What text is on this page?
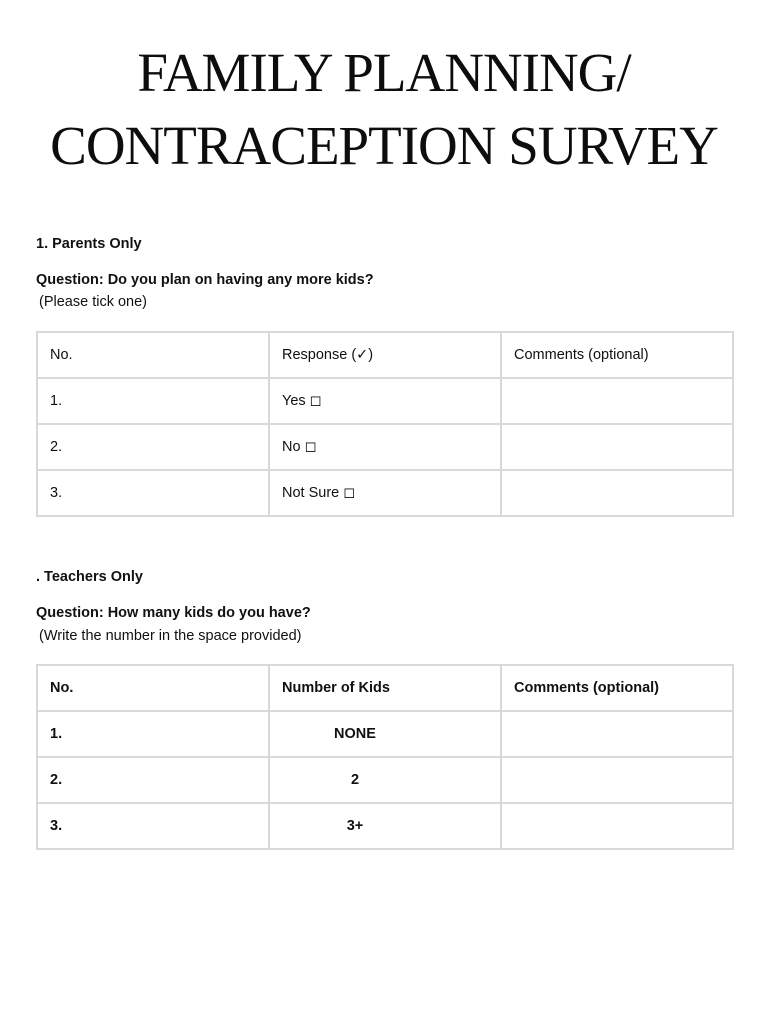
FAMILY PLANNING/
CONTRACEPTION SURVEY
1. Parents Only
Question: Do you plan on having any more kids?
(Please tick one)
No.	Response (✓)	Comments (optional)
1.	Yes ◻	
2.	No ◻	
3.	Not Sure ◻	
. Teachers Only
Question: How many kids do you have?
(Write the number in the space provided)
No.	Number of Kids	Comments (optional)
1.	NONE	
2.	2	
3.	3+	
